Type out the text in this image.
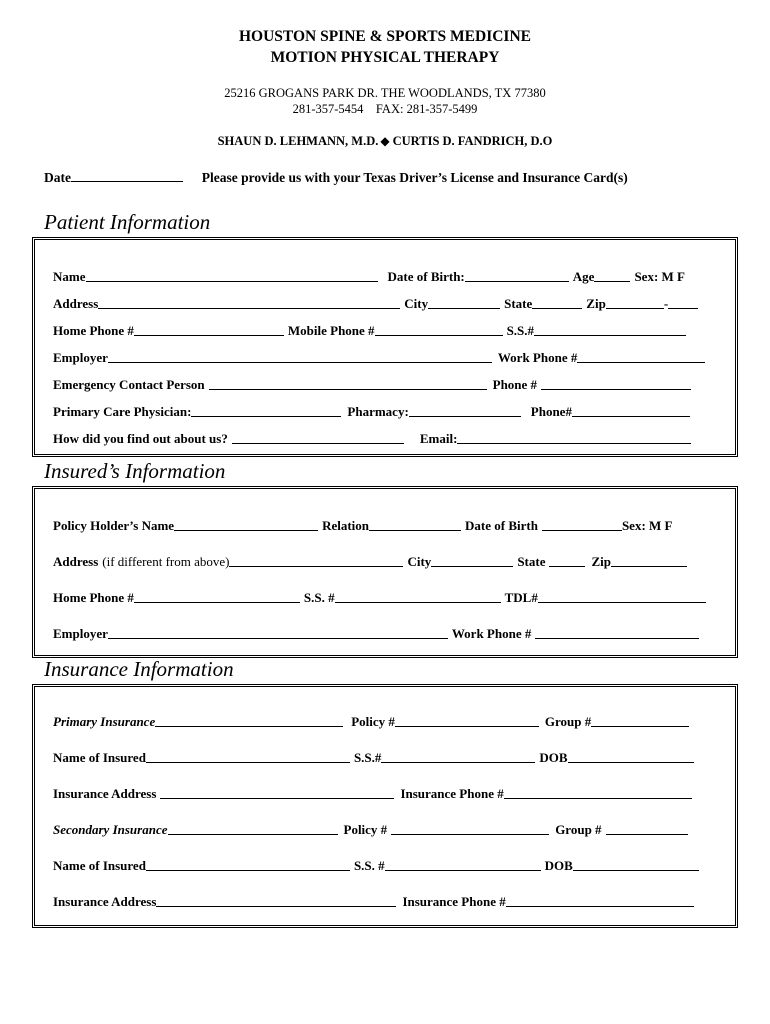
HOUSTON SPINE & SPORTS MEDICINE
MOTION PHYSICAL THERAPY
25216 GROGANS PARK DR. THE WOODLANDS, TX 77380
281-357-5454    FAX: 281-357-5499
SHAUN D. LEHMANN, M.D. ◆ CURTIS D. FANDRICH, D.O
Date	Please provide us with your Texas Driver’s License and Insurance Card(s)
Patient Information
Name	Date of Birth:	Age	Sex: M F
Address	City	State	Zip	-
Home Phone #	Mobile Phone #	S.S.#
Employer	Work Phone #
Emergency Contact Person	Phone #
Primary Care Physician:	Pharmacy:	Phone#
How did you find out about us?	Email:
Insured’s Information
Policy Holder’s Name	Relation	Date of Birth	Sex: M F
Address (if different from above)	City	State	Zip
Home Phone #	S.S. #	TDL#
Employer	Work Phone #
Insurance Information
Primary Insurance	Policy #	Group #
Name of Insured	S.S.#	DOB
Insurance Address	Insurance Phone #
Secondary Insurance	Policy #	Group #
Name of Insured	S.S. #	DOB
Insurance Address	Insurance Phone #
